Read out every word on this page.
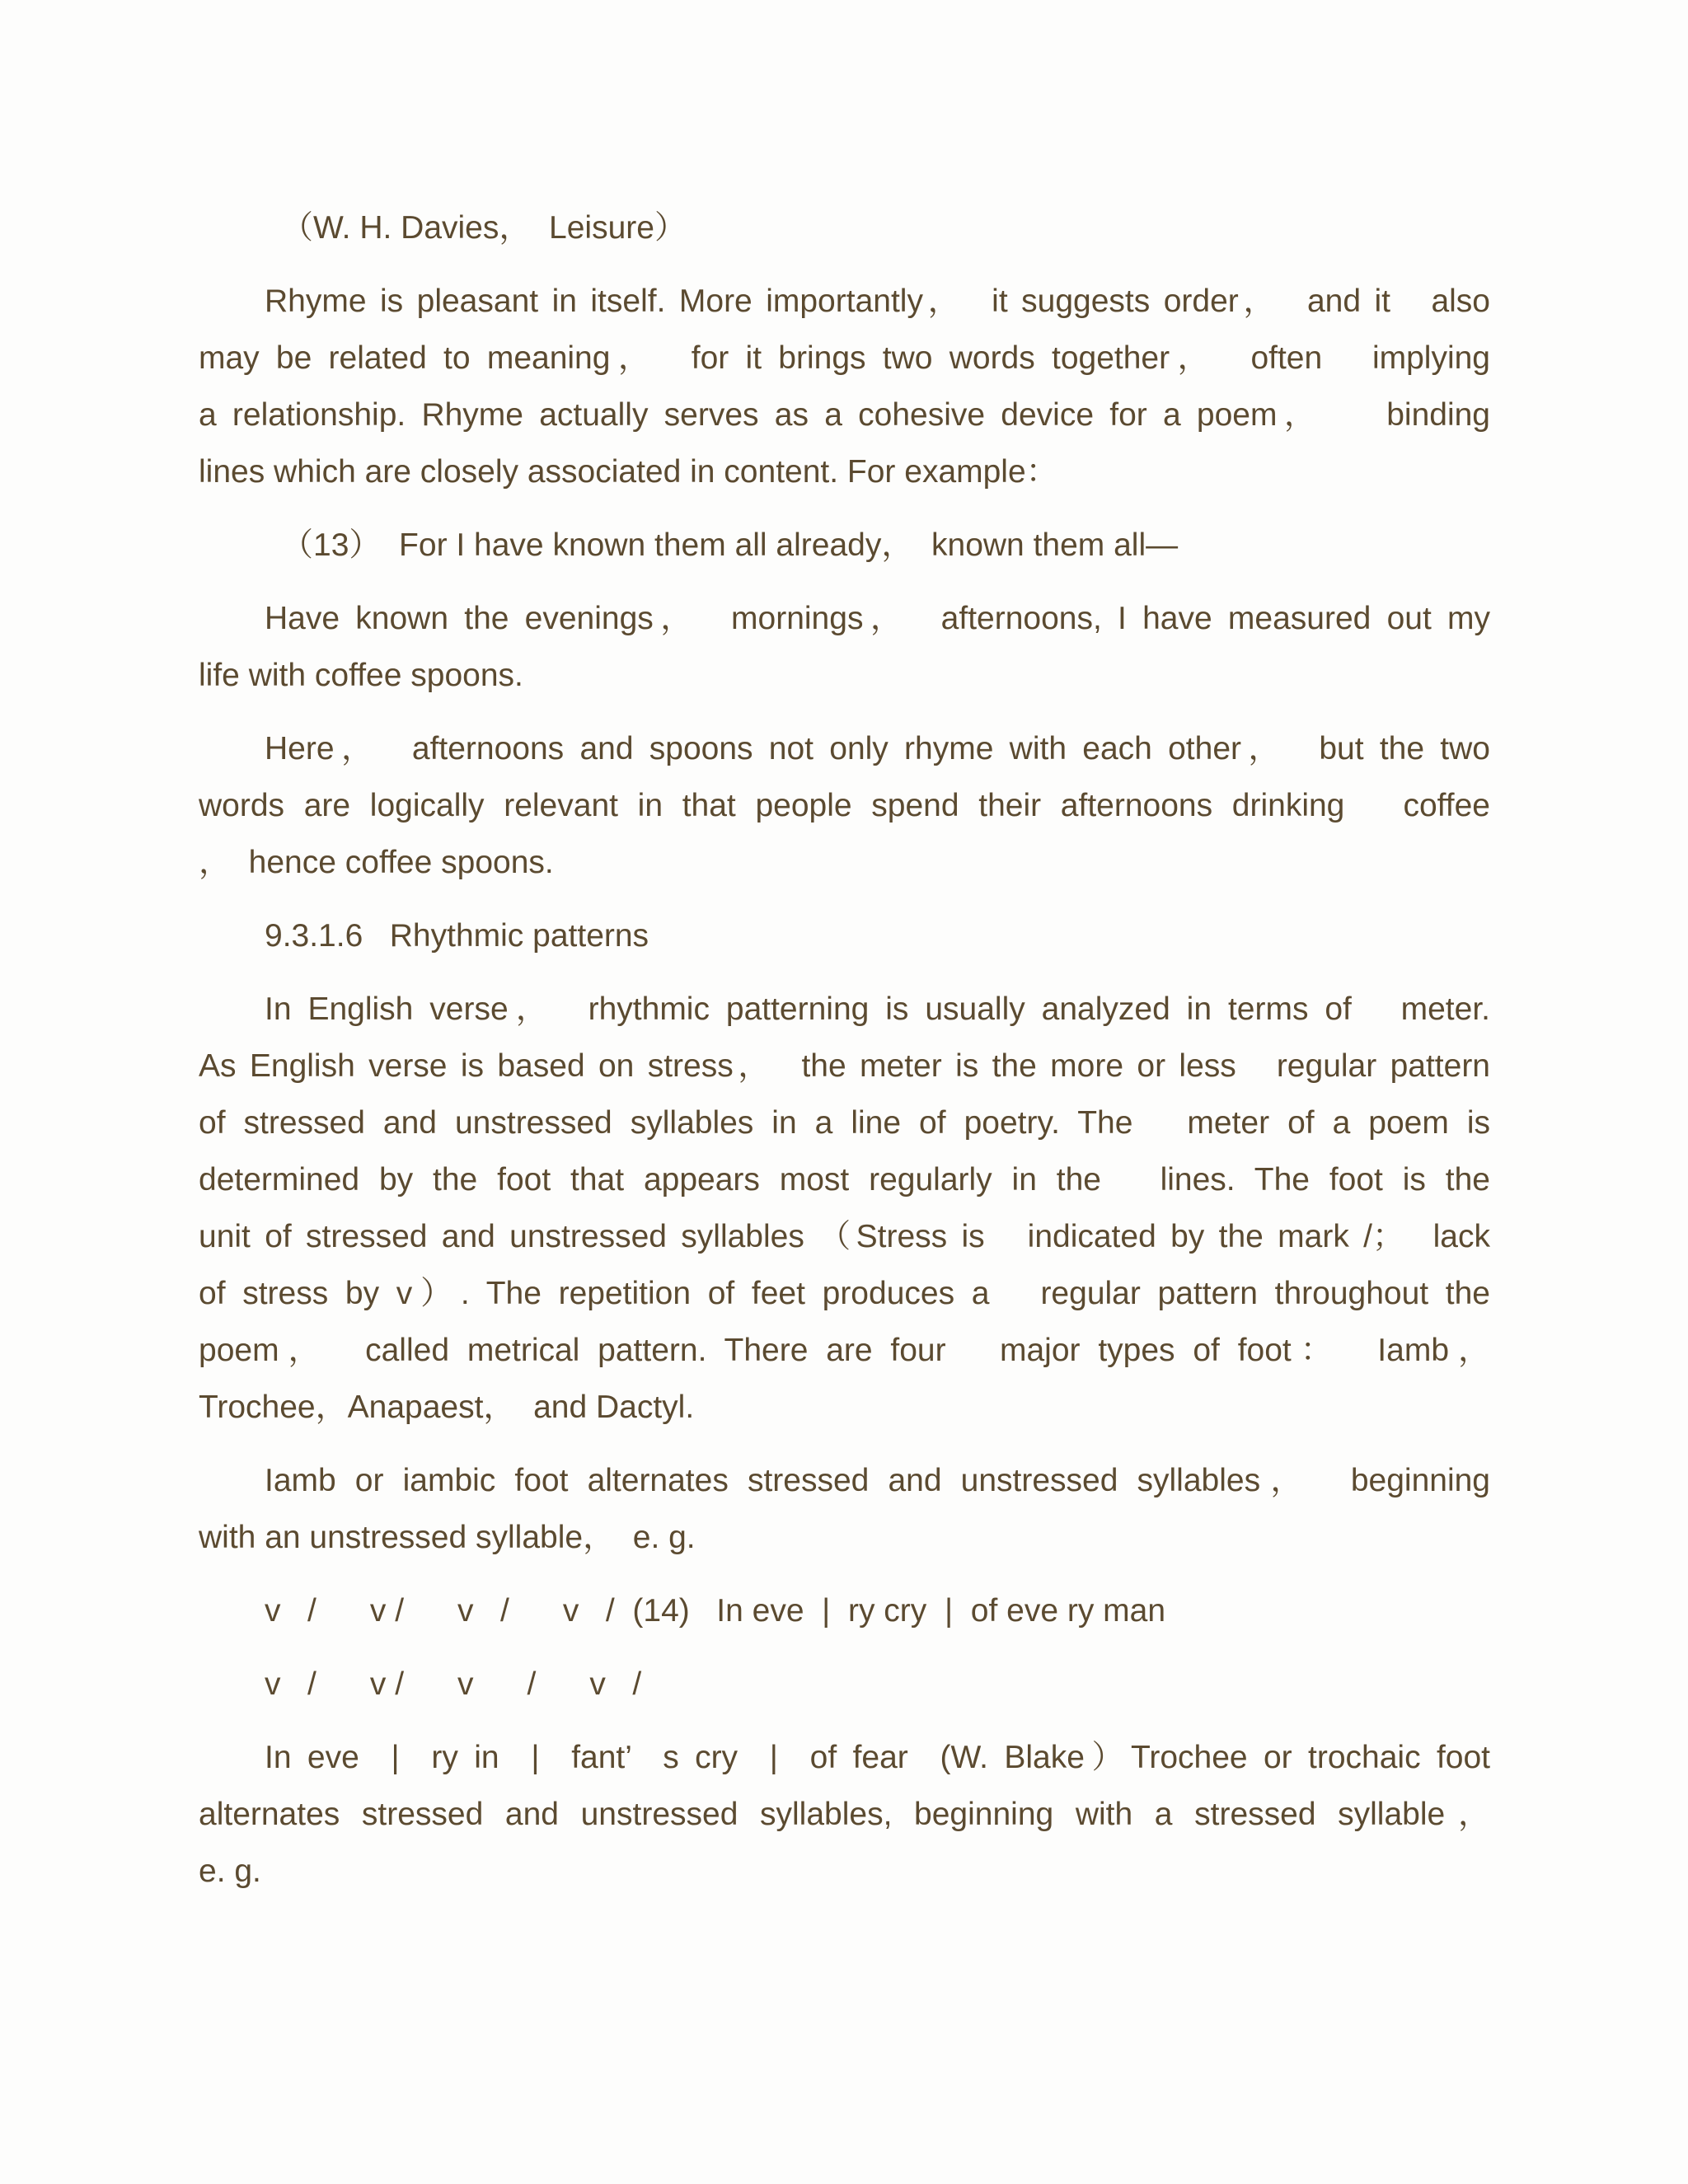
（W. H. Davies，  Leisure）

Rhyme is pleasant in itself. More importantly，  it suggests order，  and it   also

may be related to meaning，  for it brings two words together，  often   implying

a relationship. Rhyme actually serves as a cohesive device for a poem，    binding

lines which are closely associated in content. For example：

（13）  For I have known them all already，  known them all—

Have known the evenings，  mornings，  afternoons, I have measured out my

life with coffee spoons.

Here，  afternoons and spoons not only rhyme with each other，  but the two

words are logically relevant in that people spend their afternoons drinking   coffee

，  hence coffee spoons.

9.3.1.6   Rhythmic patterns

In English verse，  rhythmic patterning is usually analyzed in terms of   meter.

As English verse is based on stress，  the meter is the more or less   regular pattern

of stressed and unstressed syllables in a line of poetry. The   meter of a poem is

determined by the foot that appears most regularly in the   lines. The foot is the

unit of stressed and unstressed syllables （Stress is   indicated by the mark /；  lack

of stress by v）. The repetition of feet produces a   regular pattern throughout the

poem，  called metrical pattern. There are four   major types of foot：  Iamb，

Trochee，Anapaest，  and Dactyl.

Iamb or iambic foot alternates stressed and unstressed syllables，  beginning

with an unstressed syllable，  e. g.

v   /      v /      v   /      v   /  (14)   In eve  |  ry cry  |  of eve ry man

v   /      v /      v      /      v   /

In eve  |  ry in  |  fant’  s cry  |  of fear  (W. Blake）Trochee or trochaic foot

alternates stressed and unstressed syllables, beginning with a stressed syllable，

e. g.
